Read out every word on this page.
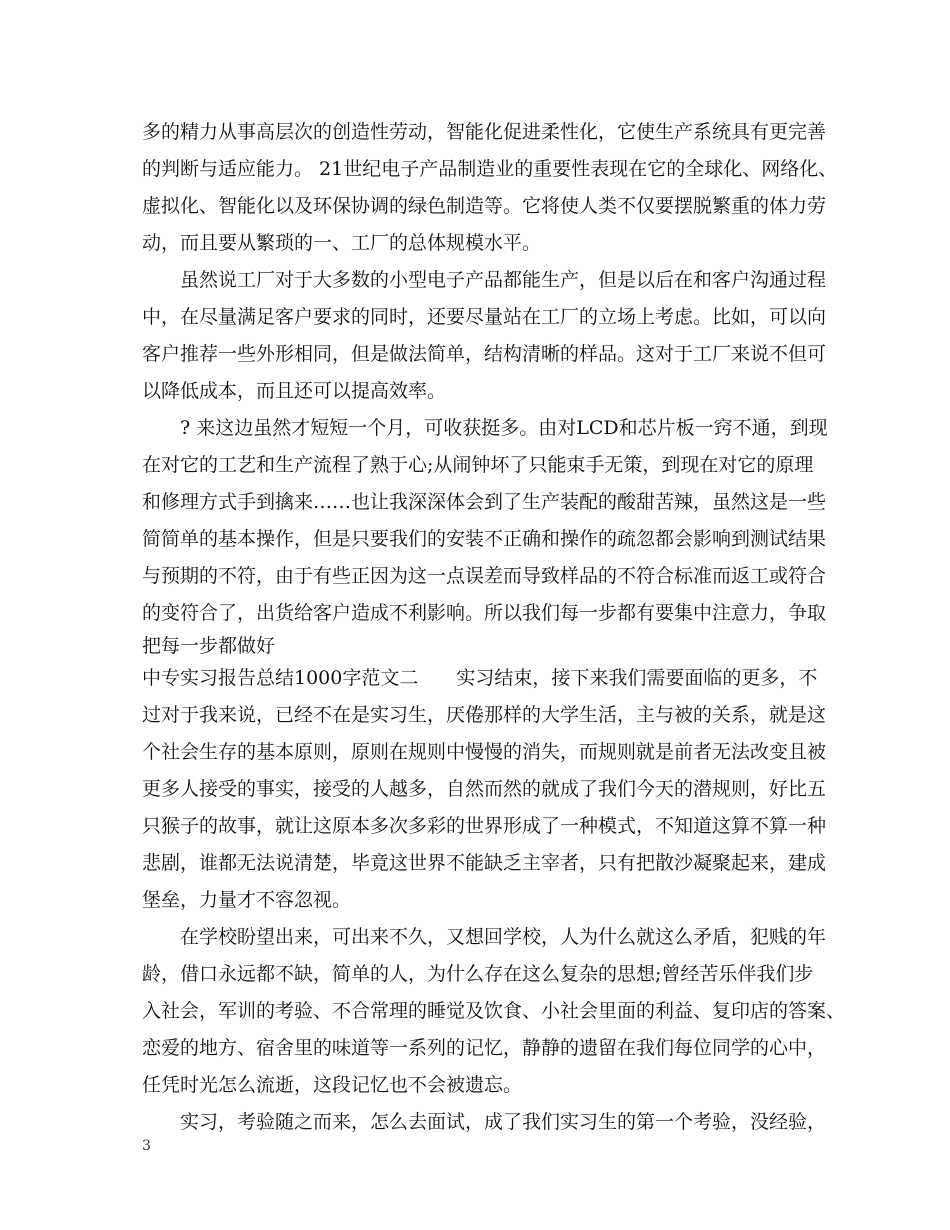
多的精力从事高层次的创造性劳动，智能化促进柔性化，它使生产系统具有更完善
的判断与适应能力。 21世纪电子产品制造业的重要性表现在它的全球化、网络化、
虚拟化、智能化以及环保协调的绿色制造等。它将使人类不仅要摆脱繁重的体力劳
动，而且要从繁琐的一、工厂的总体规模水平。
虽然说工厂对于大多数的小型电子产品都能生产，但是以后在和客户沟通过程
中，在尽量满足客户要求的同时，还要尽量站在工厂的立场上考虑。比如，可以向
客户推荐一些外形相同，但是做法简单，结构清晰的样品。这对于工厂来说不但可
以降低成本，而且还可以提高效率。
? 来这边虽然才短短一个月，可收获挺多。由对LCD和芯片板一窍不通，到现
在对它的工艺和生产流程了熟于心;从闹钟坏了只能束手无策，到现在对它的原理
和修理方式手到擒来……也让我深深体会到了生产装配的酸甜苦辣，虽然这是一些
简简单的基本操作，但是只要我们的安装不正确和操作的疏忽都会影响到测试结果
与预期的不符，由于有些正因为这一点误差而导致样品的不符合标准而返工或符合
的变符合了，出货给客户造成不利影响。所以我们每一步都有要集中注意力，争取
把每一步都做好
中专实习报告总结1000字范文二　　实习结束，接下来我们需要面临的更多，不
过对于我来说，已经不在是实习生，厌倦那样的大学生活，主与被的关系，就是这
个社会生存的基本原则，原则在规则中慢慢的消失，而规则就是前者无法改变且被
更多人接受的事实，接受的人越多，自然而然的就成了我们今天的潜规则，好比五
只猴子的故事，就让这原本多次多彩的世界形成了一种模式，不知道这算不算一种
悲剧，谁都无法说清楚，毕竟这世界不能缺乏主宰者，只有把散沙凝聚起来，建成
堡垒，力量才不容忽视。
在学校盼望出来，可出来不久，又想回学校，人为什么就这么矛盾，犯贱的年
龄，借口永远都不缺，简单的人，为什么存在这么复杂的思想;曾经苦乐伴我们步
入社会，军训的考验、不合常理的睡觉及饮食、小社会里面的利益、复印店的答案、
恋爱的地方、宿舍里的味道等一系列的记忆，静静的遗留在我们每位同学的心中，
任凭时光怎么流逝，这段记忆也不会被遗忘。
实习，考验随之而来，怎么去面试，成了我们实习生的第一个考验，没经验，
3
